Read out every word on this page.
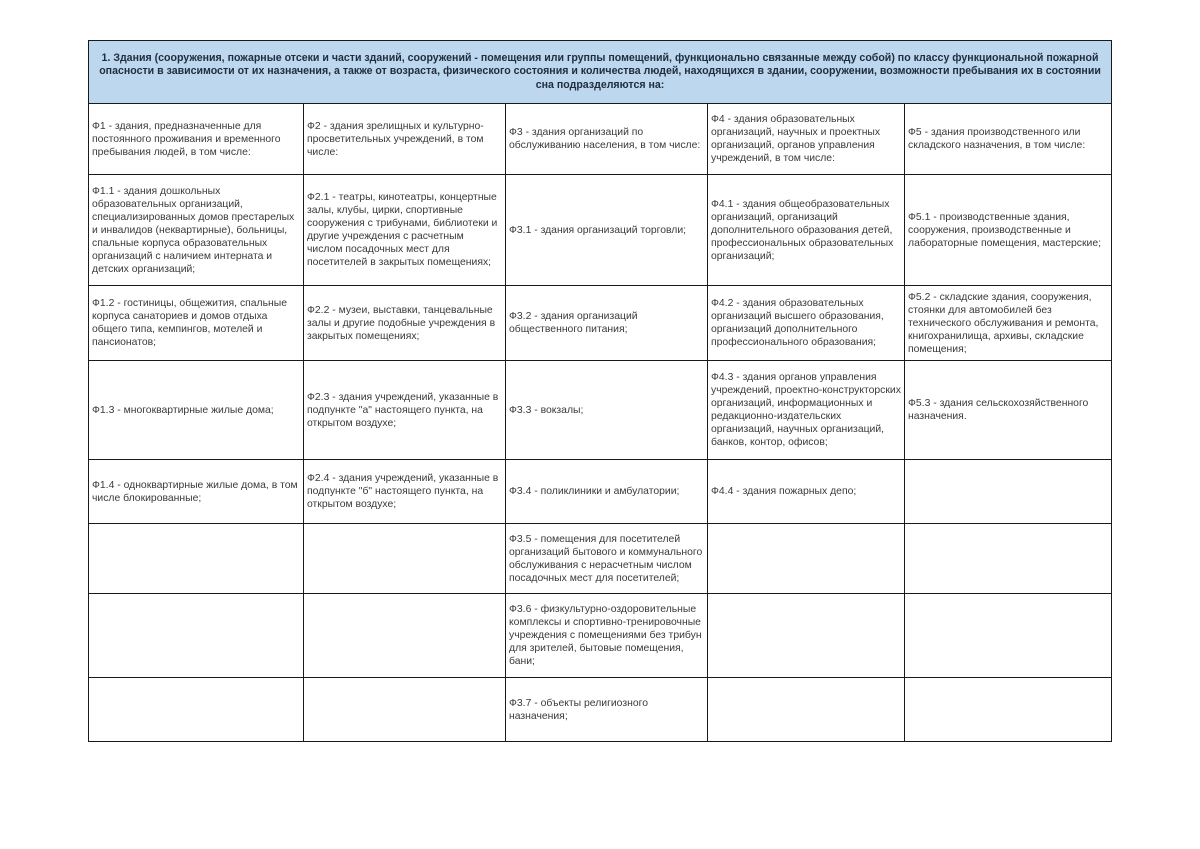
1. Здания (сооружения, пожарные отсеки и части зданий, сооружений - помещения или группы помещений, функционально связанные между собой) по классу функциональной пожарной опасности в зависимости от их назначения, а также от возраста, физического состояния и количества людей, находящихся в здании, сооружении, возможности пребывания их в состоянии сна подразделяются на:				
Ф1 - здания, предназначенные для постоянного проживания и временного пребывания людей, в том числе:	Ф2 - здания зрелищных и культурно-просветительных учреждений, в том числе:	Ф3 - здания организаций по обслуживанию населения, в том числе:	Ф4 - здания образовательных организаций, научных и проектных организаций, органов управления учреждений, в том числе:	Ф5 - здания производственного или складского назначения, в том числе:
Ф1.1 - здания дошкольных образовательных организаций, специализированных домов престарелых и инвалидов (неквартирные), больницы, спальные корпуса образовательных организаций с наличием интерната и детских организаций;	Ф2.1 - театры, кинотеатры, концертные залы, клубы, цирки, спортивные сооружения с трибунами, библиотеки и другие учреждения с расчетным числом посадочных мест для посетителей в закрытых помещениях;	Ф3.1 - здания организаций торговли;	Ф4.1 - здания общеобразовательных организаций, организаций дополнительного образования детей, профессиональных образовательных организаций;	Ф5.1 - производственные здания, сооружения, производственные и лабораторные помещения, мастерские;
Ф1.2 - гостиницы, общежития, спальные корпуса санаториев и домов отдыха общего типа, кемпингов, мотелей и пансионатов;	Ф2.2 - музеи, выставки, танцевальные залы и другие подобные учреждения в закрытых помещениях;	Ф3.2 - здания организаций общественного питания;	Ф4.2 - здания образовательных организаций высшего образования, организаций дополнительного профессионального образования;	Ф5.2 - складские здания, сооружения, стоянки для автомобилей без технического обслуживания и ремонта, книгохранилища, архивы, складские помещения;
Ф1.3 - многоквартирные жилые дома;	Ф2.3 - здания учреждений, указанные в подпункте "а" настоящего пункта, на открытом воздухе;	Ф3.3 - вокзалы;	Ф4.3 - здания органов управления учреждений, проектно-конструкторских организаций, информационных и редакционно-издательских организаций, научных организаций, банков, контор, офисов;	Ф5.3 - здания сельскохозяйственного назначения.
Ф1.4 - одноквартирные жилые дома, в том числе блокированные;	Ф2.4 - здания учреждений, указанные в подпункте "б" настоящего пункта, на открытом воздухе;	Ф3.4 - поликлиники и амбулатории;	Ф4.4 - здания пожарных депо;	
		Ф3.5 - помещения для посетителей организаций бытового и коммунального обслуживания с нерасчетным числом посадочных мест для посетителей;		
		Ф3.6 - физкультурно-оздоровительные комплексы и спортивно-тренировочные учреждения с помещениями без трибун для зрителей, бытовые помещения, бани;		
		Ф3.7 - объекты религиозного назначения;		
